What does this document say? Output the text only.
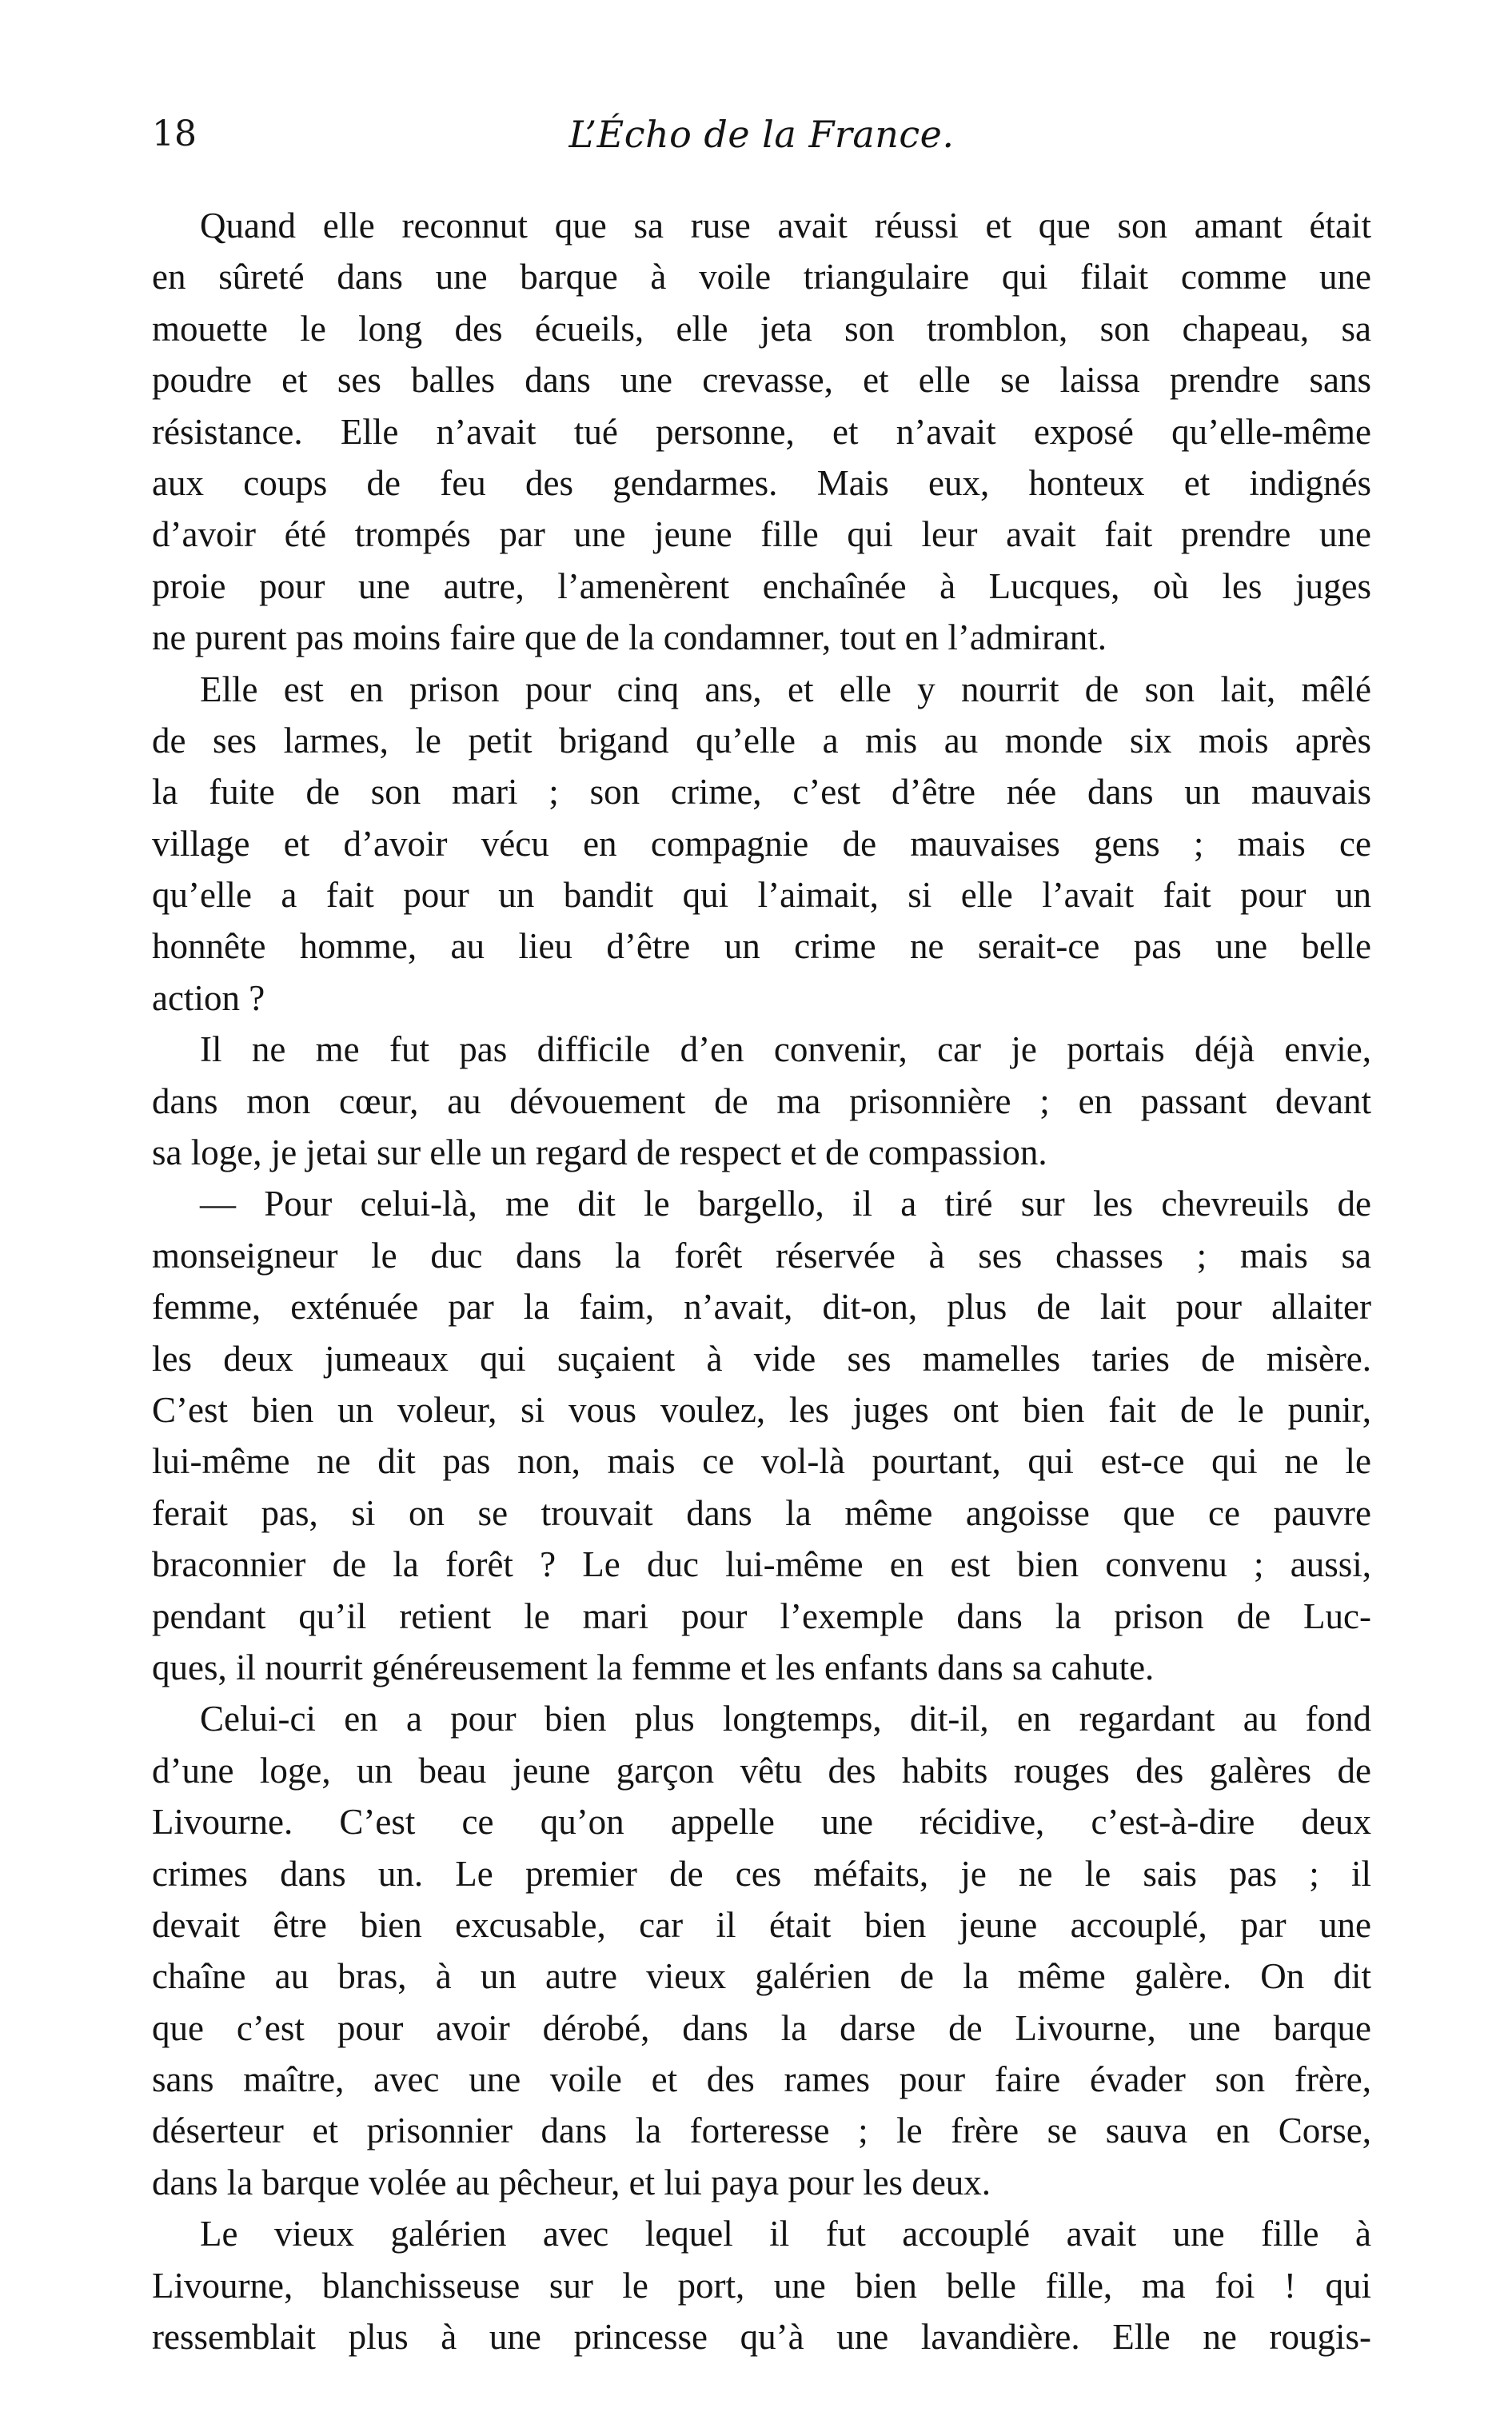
18	L’Écho de la France.
Quand elle reconnut que sa ruse avait réussi et que son amant était
en sûreté dans une barque à voile triangulaire qui filait comme une
mouette le long des écueils, elle jeta son tromblon, son chapeau, sa
poudre et ses balles dans une crevasse, et elle se laissa prendre sans
résistance. Elle n’avait tué personne, et n’avait exposé qu’elle-même
aux coups de feu des gendarmes. Mais eux, honteux et indignés
d’avoir été trompés par une jeune fille qui leur avait fait prendre une
proie pour une autre, l’amenèrent enchaînée à Lucques, où les juges
ne purent pas moins faire que de la condamner, tout en l’admirant.
Elle est en prison pour cinq ans, et elle y nourrit de son lait, mêlé
de ses larmes, le petit brigand qu’elle a mis au monde six mois après
la fuite de son mari ; son crime, c’est d’être née dans un mauvais
village et d’avoir vécu en compagnie de mauvaises gens ; mais ce
qu’elle a fait pour un bandit qui l’aimait, si elle l’avait fait pour un
honnête homme, au lieu d’être un crime ne serait-ce pas une belle
action ?
Il ne me fut pas difficile d’en convenir, car je portais déjà envie,
dans mon cœur, au dévouement de ma prisonnière ; en passant devant
sa loge, je jetai sur elle un regard de respect et de compassion.
— Pour celui-là, me dit le bargello, il a tiré sur les chevreuils de
monseigneur le duc dans la forêt réservée à ses chasses ; mais sa
femme, exténuée par la faim, n’avait, dit-on, plus de lait pour allaiter
les deux jumeaux qui suçaient à vide ses mamelles taries de misère.
C’est bien un voleur, si vous voulez, les juges ont bien fait de le punir,
lui-même ne dit pas non, mais ce vol-là pourtant, qui est-ce qui ne le
ferait pas, si on se trouvait dans la même angoisse que ce pauvre
braconnier de la forêt ? Le duc lui-même en est bien convenu ; aussi,
pendant qu’il retient le mari pour l’exemple dans la prison de Luc-
ques, il nourrit généreusement la femme et les enfants dans sa cahute.
Celui-ci en a pour bien plus longtemps, dit-il, en regardant au fond
d’une loge, un beau jeune garçon vêtu des habits rouges des galères de
Livourne. C’est ce qu’on appelle une récidive, c’est-à-dire deux
crimes dans un. Le premier de ces méfaits, je ne le sais pas ; il
devait être bien excusable, car il était bien jeune accouplé, par une
chaîne au bras, à un autre vieux galérien de la même galère. On dit
que c’est pour avoir dérobé, dans la darse de Livourne, une barque
sans maître, avec une voile et des rames pour faire évader son frère,
déserteur et prisonnier dans la forteresse ; le frère se sauva en Corse,
dans la barque volée au pêcheur, et lui paya pour les deux.
Le vieux galérien avec lequel il fut accouplé avait une fille à
Livourne, blanchisseuse sur le port, une bien belle fille, ma foi ! qui
ressemblait plus à une princesse qu’à une lavandière. Elle ne rougis-
